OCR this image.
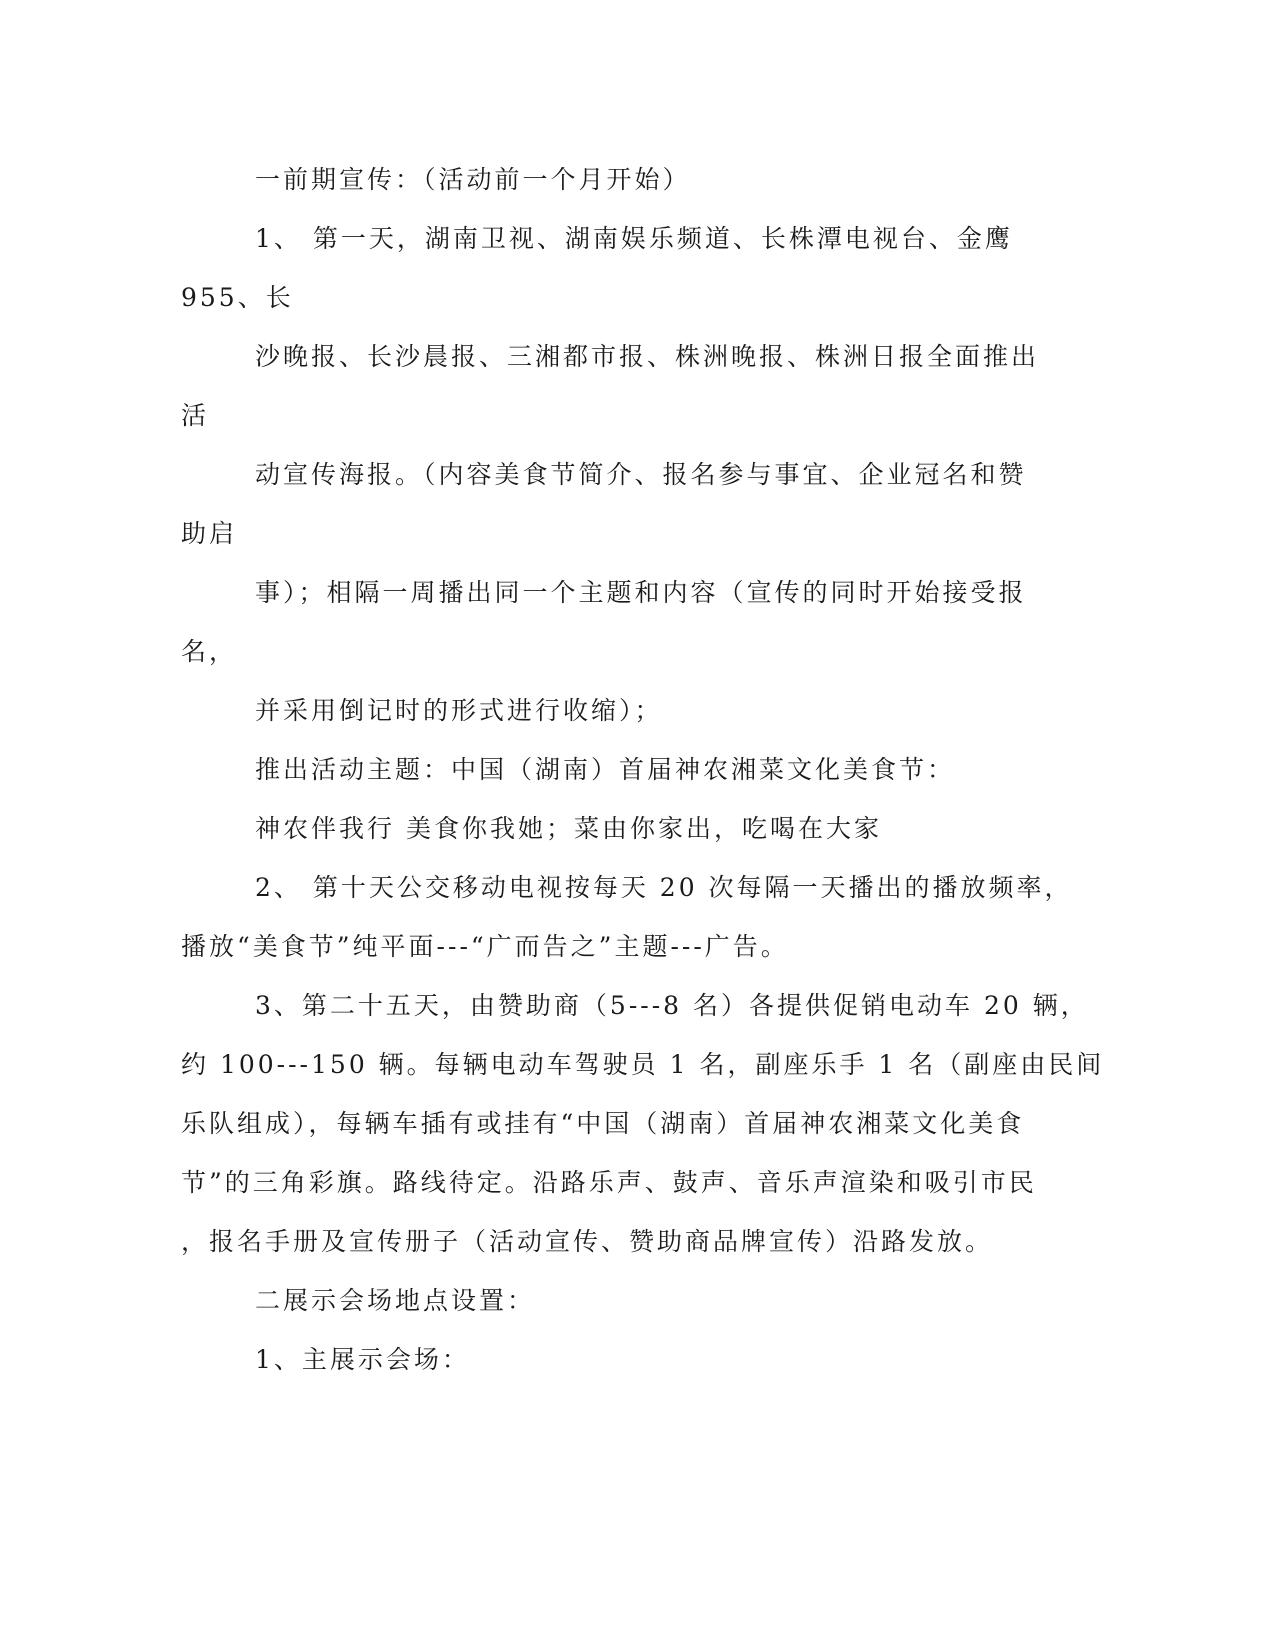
一前期宣传：（活动前一个月开始）
1、 第一天，湖南卫视、湖南娱乐频道、长株潭电视台、金鹰
955、长
沙晚报、长沙晨报、三湘都市报、株洲晚报、株洲日报全面推出
活
动宣传海报。（内容美食节简介、报名参与事宜、企业冠名和赞
助启
事）；相隔一周播出同一个主题和内容（宣传的同时开始接受报
名，
并采用倒记时的形式进行收缩）；
推出活动主题：中国（湖南）首届神农湘菜文化美食节：
神农伴我行 美食你我她；菜由你家出，吃喝在大家
2、 第十天公交移动电视按每天 20 次每隔一天播出的播放频率，
播放“美食节”纯平面---“广而告之”主题---广告。
3、第二十五天，由赞助商（5---8 名）各提供促销电动车 20 辆，
约 100---150 辆。每辆电动车驾驶员 1 名，副座乐手 1 名（副座由民间
乐队组成），每辆车插有或挂有“中国（湖南）首届神农湘菜文化美食
节”的三角彩旗。路线待定。沿路乐声、鼓声、音乐声渲染和吸引市民
，报名手册及宣传册子（活动宣传、赞助商品牌宣传）沿路发放。
二展示会场地点设置：
1、主展示会场：
